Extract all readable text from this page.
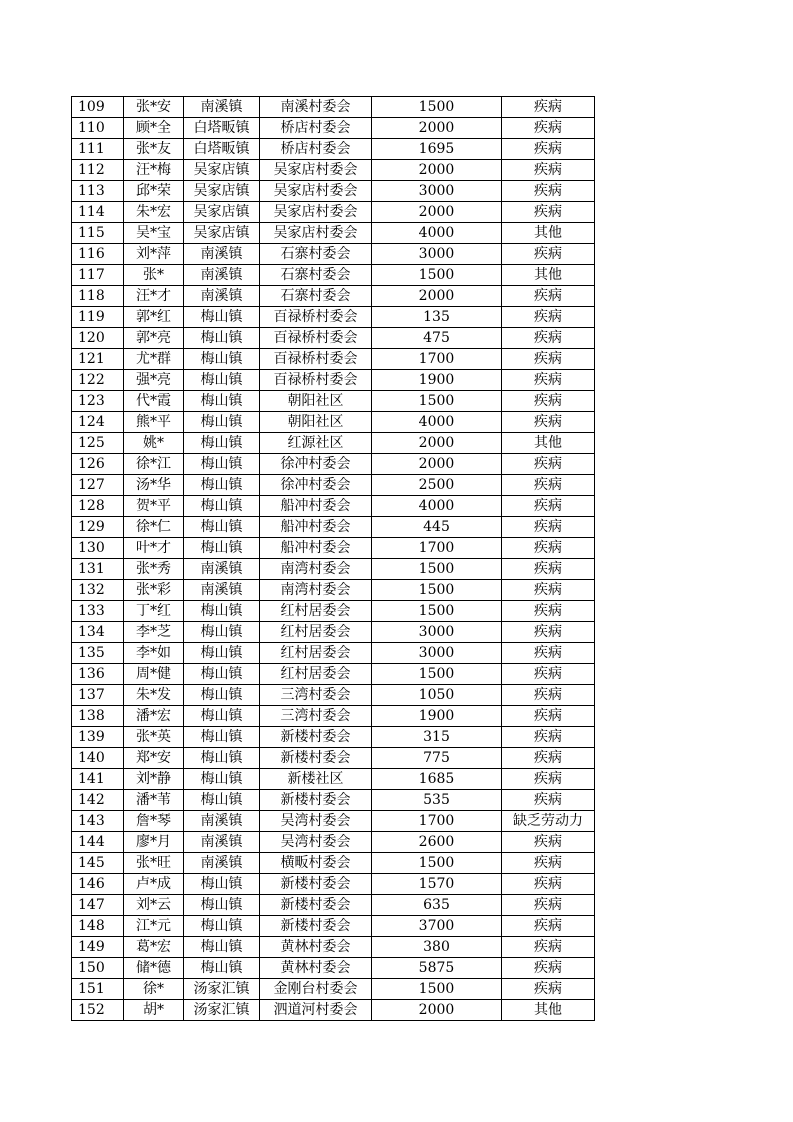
109	张*安	南溪镇	南溪村委会	1500	疾病
110	顾*全	白塔畈镇	桥店村委会	2000	疾病
111	张*友	白塔畈镇	桥店村委会	1695	疾病
112	汪*梅	吴家店镇	吴家店村委会	2000	疾病
113	邱*荣	吴家店镇	吴家店村委会	3000	疾病
114	朱*宏	吴家店镇	吴家店村委会	2000	疾病
115	吴*宝	吴家店镇	吴家店村委会	4000	其他
116	刘*萍	南溪镇	石寨村委会	3000	疾病
117	张*	南溪镇	石寨村委会	1500	其他
118	汪*才	南溪镇	石寨村委会	2000	疾病
119	郭*红	梅山镇	百禄桥村委会	135	疾病
120	郭*亮	梅山镇	百禄桥村委会	475	疾病
121	尤*群	梅山镇	百禄桥村委会	1700	疾病
122	强*亮	梅山镇	百禄桥村委会	1900	疾病
123	代*霞	梅山镇	朝阳社区	1500	疾病
124	熊*平	梅山镇	朝阳社区	4000	疾病
125	姚*	梅山镇	红源社区	2000	其他
126	徐*江	梅山镇	徐冲村委会	2000	疾病
127	汤*华	梅山镇	徐冲村委会	2500	疾病
128	贺*平	梅山镇	船冲村委会	4000	疾病
129	徐*仁	梅山镇	船冲村委会	445	疾病
130	叶*才	梅山镇	船冲村委会	1700	疾病
131	张*秀	南溪镇	南湾村委会	1500	疾病
132	张*彩	南溪镇	南湾村委会	1500	疾病
133	丁*红	梅山镇	红村居委会	1500	疾病
134	李*芝	梅山镇	红村居委会	3000	疾病
135	李*如	梅山镇	红村居委会	3000	疾病
136	周*健	梅山镇	红村居委会	1500	疾病
137	朱*发	梅山镇	三湾村委会	1050	疾病
138	潘*宏	梅山镇	三湾村委会	1900	疾病
139	张*英	梅山镇	新楼村委会	315	疾病
140	郑*安	梅山镇	新楼村委会	775	疾病
141	刘*静	梅山镇	新楼社区	1685	疾病
142	潘*苇	梅山镇	新楼村委会	535	疾病
143	詹*琴	南溪镇	吴湾村委会	1700	缺乏劳动力
144	廖*月	南溪镇	吴湾村委会	2600	疾病
145	张*旺	南溪镇	横畈村委会	1500	疾病
146	卢*成	梅山镇	新楼村委会	1570	疾病
147	刘*云	梅山镇	新楼村委会	635	疾病
148	江*元	梅山镇	新楼村委会	3700	疾病
149	葛*宏	梅山镇	黄林村委会	380	疾病
150	储*德	梅山镇	黄林村委会	5875	疾病
151	徐*	汤家汇镇	金刚台村委会	1500	疾病
152	胡*	汤家汇镇	泗道河村委会	2000	其他
